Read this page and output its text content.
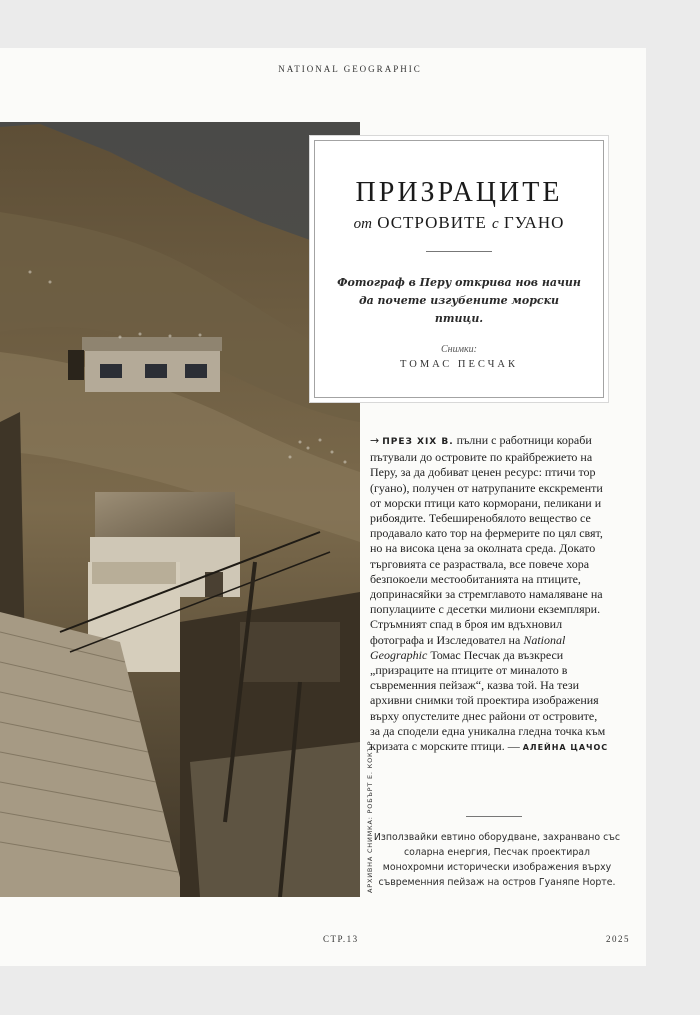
NATIONAL GEOGRAPHIC
АРХИВНА СНИМКА: РОБЪРТ Е. КОКЪР
ПРИЗРАЦИТЕ
от ОСТРОВИТЕ с ГУАНО
Фотограф в Перу открива нов начин да почете изгубените морски птици.
Снимки:
ТОМАС ПЕСЧАК
→ ПРЕЗ XIX В. пълни с работници кораби пътували до островите по крайбрежието на Перу, за да добиват ценен ресурс: птичи тор (гуано), получен от натрупаните екскременти от морски птици като корморани, пеликани и рибоядите. Тебеширенобялото вещество се продавало като тор на фермерите по цял свят, но на висока цена за околната среда. Докато търговията се разраствала, все повече хора безпокоели местообитанията на птиците, допринасяйки за стремглавото намаляване на популациите с десетки милиони екземпляри. Стръмният спад в броя им вдъхновил фотографа и Изследовател на National Geographic Томас Песчак да възкреси „призраците на птиците от миналото в съвременния пейзаж“, казва той. На тези архивни снимки той проектира изображения върху опустелите днес райони от островите, за да сподели една уникална гледна точка към кризата с морските птици. — АЛЕЙНА ЦАЧОС
Използвайки евтино оборудване, захранвано със соларна енергия, Песчак проектирал монохромни исторически изображения върху съвременния пейзаж на остров Гуаняпе Норте.
СТР.13	2025
